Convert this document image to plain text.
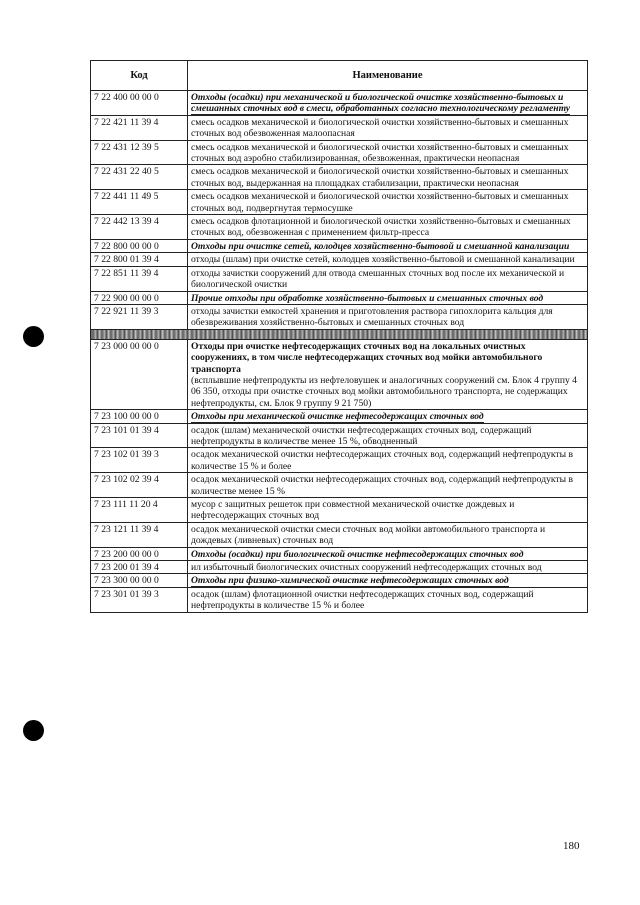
Код	Наименование
7 22 400 00 00 0	Отходы (осадки) при механической и биологической очистке хозяйственно-бытовых и смешанных сточных вод в смеси, обработанных согласно технологическому регламенту
7 22 421 11 39 4	смесь осадков механической и биологической очистки хозяйственно-бытовых и смешанных сточных вод обезвоженная малоопасная
7 22 431 12 39 5	смесь осадков механической и биологической очистки хозяйственно-бытовых и смешанных сточных вод аэробно стабилизированная, обезвоженная, практически неопасная
7 22 431 22 40 5	смесь осадков механической и биологической очистки хозяйственно-бытовых и смешанных сточных вод, выдержанная на площадках стабилизации, практически неопасная
7 22 441 11 49 5	смесь осадков механической и биологической очистки хозяйственно-бытовых и смешанных сточных вод, подвергнутая термосушке
7 22 442 13 39 4	смесь осадков флотационной и биологической очистки хозяйственно-бытовых и смешанных сточных вод, обезвоженная с применением фильтр-пресса
7 22 800 00 00 0	Отходы при очистке сетей, колодцев хозяйственно-бытовой и смешанной канализации
7 22 800 01 39 4	отходы (шлам) при очистке сетей, колодцев хозяйственно-бытовой и смешанной канализации
7 22 851 11 39 4	отходы зачистки сооружений для отвода смешанных сточных вод после их механической и биологической очистки
7 22 900 00 00 0	Прочие отходы при обработке хозяйственно-бытовых и смешанных сточных вод
7 22 921 11 39 3	отходы зачистки емкостей хранения и приготовления раствора гипохлорита кальция для обезвреживания хозяйственно-бытовых и смешанных сточных вод

7 23 000 00 00 0	Отходы при очистке нефтесодержащих сточных вод на локальных очистных сооружениях, в том числе нефтесодержащих сточных вод мойки автомобильного транспорта
(всплывшие нефтепродукты из нефтеловушек и аналогичных сооружений см. Блок 4 группу 4 06 350, отходы при очистке сточных вод мойки автомобильного транспорта, не содержащих нефтепродукты, см. Блок 9 группу 9 21 750)

7 23 100 00 00 0	Отходы при механической очистке нефтесодержащих сточных вод
7 23 101 01 39 4	осадок (шлам) механической очистки нефтесодержащих сточных вод, содержащий нефтепродукты в количестве менее 15 %, обводненный
7 23 102 01 39 3	осадок механической очистки нефтесодержащих сточных вод, содержащий нефтепродукты в количестве 15 % и более
7 23 102 02 39 4	осадок механической очистки нефтесодержащих сточных вод, содержащий нефтепродукты в количестве менее 15 %
7 23 111 11 20 4	мусор с защитных решеток при совместной механической очистке дождевых и нефтесодержащих сточных вод
7 23 121 11 39 4	осадок механической очистки смеси сточных вод мойки автомобильного транспорта и дождевых (ливневых) сточных вод
7 23 200 00 00 0	Отходы (осадки) при биологической очистке нефтесодержащих сточных вод
7 23 200 01 39 4	ил избыточный биологических очистных сооружений нефтесодержащих сточных вод
7 23 300 00 00 0	Отходы при физико-химической очистке нефтесодержащих сточных вод
7 23 301 01 39 3	осадок (шлам) флотационной очистки нефтесодержащих сточных вод, содержащий нефтепродукты в количестве 15 % и более
180
